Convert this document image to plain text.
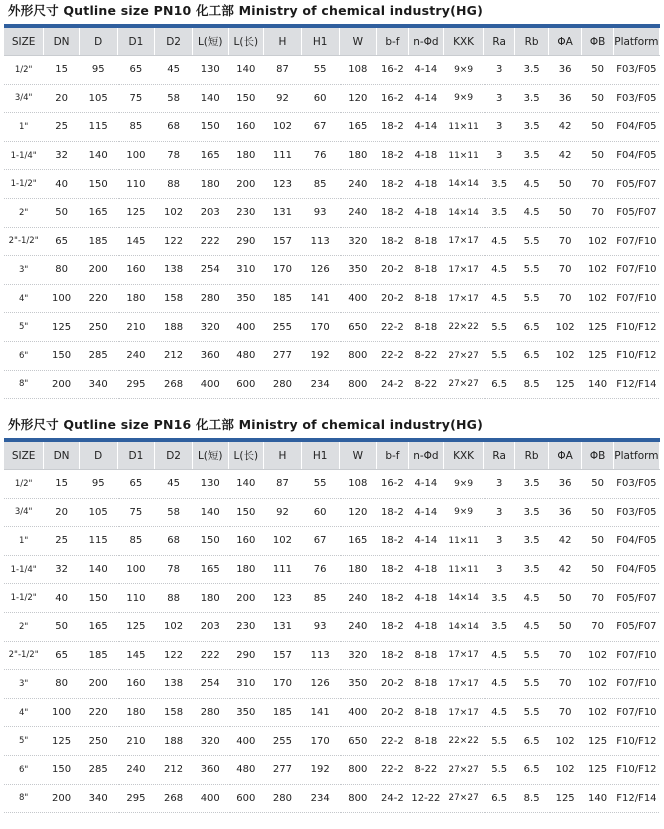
外形尺寸 Qutline size PN10 化工部 Ministry of chemical industry(HG)
SIZE	DN	D	D1	D2	L(短)	L(长)	H	H1	W	b-f	n-Φd	KXK	Ra	Rb	ΦA	ΦB	Platform
1/2"	15	95	65	45	130	140	87	55	108	16-2	4-14	9×9	3	3.5	36	50	F03/F05
3/4"	20	105	75	58	140	150	92	60	120	16-2	4-14	9×9	3	3.5	36	50	F03/F05
1"	25	115	85	68	150	160	102	67	165	18-2	4-14	11×11	3	3.5	42	50	F04/F05
1-1/4"	32	140	100	78	165	180	111	76	180	18-2	4-18	11×11	3	3.5	42	50	F04/F05
1-1/2"	40	150	110	88	180	200	123	85	240	18-2	4-18	14×14	3.5	4.5	50	70	F05/F07
2"	50	165	125	102	203	230	131	93	240	18-2	4-18	14×14	3.5	4.5	50	70	F05/F07
2"-1/2"	65	185	145	122	222	290	157	113	320	18-2	8-18	17×17	4.5	5.5	70	102	F07/F10
3"	80	200	160	138	254	310	170	126	350	20-2	8-18	17×17	4.5	5.5	70	102	F07/F10
4"	100	220	180	158	280	350	185	141	400	20-2	8-18	17×17	4.5	5.5	70	102	F07/F10
5"	125	250	210	188	320	400	255	170	650	22-2	8-18	22×22	5.5	6.5	102	125	F10/F12
6"	150	285	240	212	360	480	277	192	800	22-2	8-22	27×27	5.5	6.5	102	125	F10/F12
8"	200	340	295	268	400	600	280	234	800	24-2	8-22	27×27	6.5	8.5	125	140	F12/F14
外形尺寸 Qutline size PN16 化工部 Ministry of chemical industry(HG)
SIZE	DN	D	D1	D2	L(短)	L(长)	H	H1	W	b-f	n-Φd	KXK	Ra	Rb	ΦA	ΦB	Platform
1/2"	15	95	65	45	130	140	87	55	108	16-2	4-14	9×9	3	3.5	36	50	F03/F05
3/4"	20	105	75	58	140	150	92	60	120	18-2	4-14	9×9	3	3.5	36	50	F03/F05
1"	25	115	85	68	150	160	102	67	165	18-2	4-14	11×11	3	3.5	42	50	F04/F05
1-1/4"	32	140	100	78	165	180	111	76	180	18-2	4-18	11×11	3	3.5	42	50	F04/F05
1-1/2"	40	150	110	88	180	200	123	85	240	18-2	4-18	14×14	3.5	4.5	50	70	F05/F07
2"	50	165	125	102	203	230	131	93	240	18-2	4-18	14×14	3.5	4.5	50	70	F05/F07
2"-1/2"	65	185	145	122	222	290	157	113	320	18-2	8-18	17×17	4.5	5.5	70	102	F07/F10
3"	80	200	160	138	254	310	170	126	350	20-2	8-18	17×17	4.5	5.5	70	102	F07/F10
4"	100	220	180	158	280	350	185	141	400	20-2	8-18	17×17	4.5	5.5	70	102	F07/F10
5"	125	250	210	188	320	400	255	170	650	22-2	8-18	22×22	5.5	6.5	102	125	F10/F12
6"	150	285	240	212	360	480	277	192	800	22-2	8-22	27×27	5.5	6.5	102	125	F10/F12
8"	200	340	295	268	400	600	280	234	800	24-2	12-22	27×27	6.5	8.5	125	140	F12/F14
